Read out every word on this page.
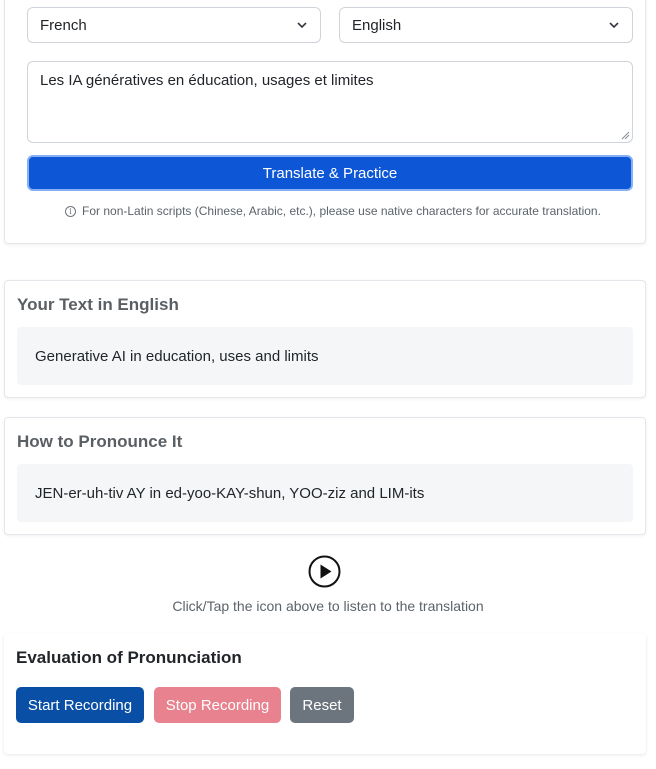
French	English
Les IA génératives en éducation, usages et limites
Translate & Practice
i For non-Latin scripts (Chinese, Arabic, etc.), please use native characters for accurate translation.
Your Text in English
Generative AI in education, uses and limits
How to Pronounce It
JEN-er-uh-tiv AY in ed-yoo-KAY-shun, YOO-ziz and LIM-its
Click/Tap the icon above to listen to the translation
Evaluation of Pronunciation
Start Recording	Stop Recording	Reset
